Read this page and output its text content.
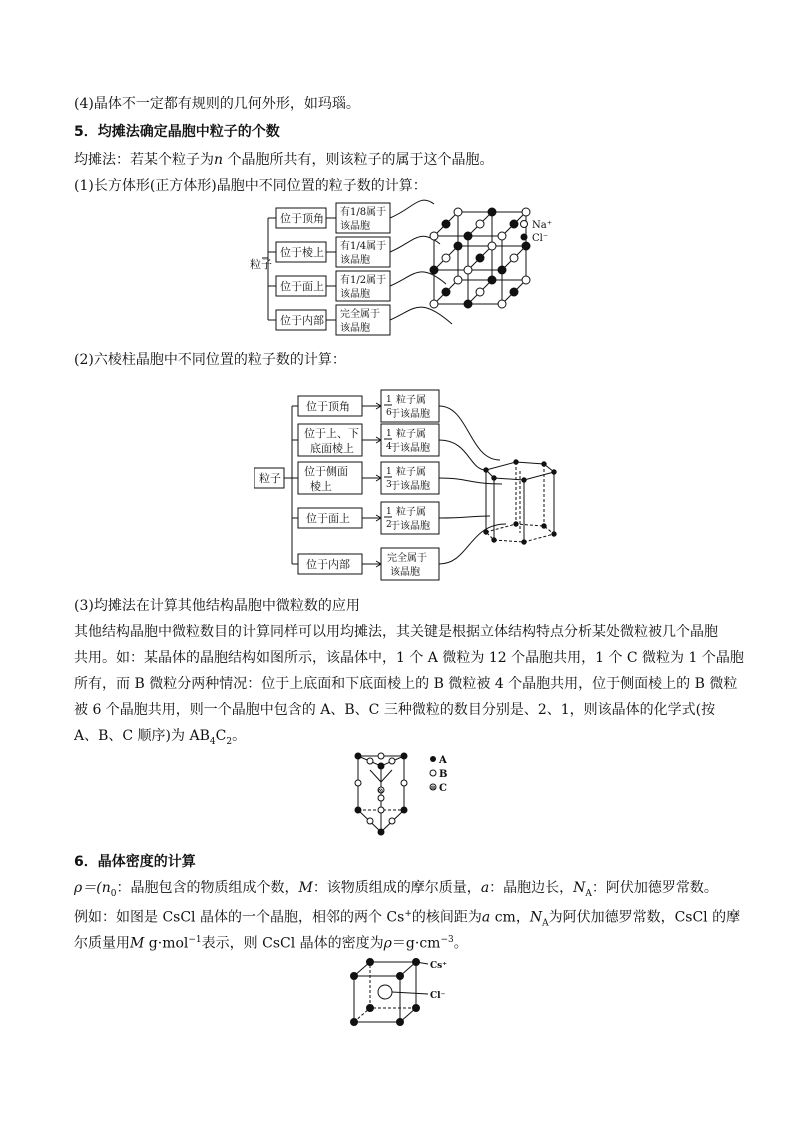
(4)晶体不一定都有规则的几何外形，如玛瑙。
5．均摊法确定晶胞中粒子的个数
均摊法：若某个粒子为n 个晶胞所共有，则该粒子的属于这个晶胞。
(1)长方体形(正方体形)晶胞中不同位置的粒子数的计算：
粒子
位于顶角 有1/8属于
该晶胞
位于棱上 有1/4属于
该晶胞
位于面上 有1/2属于
该晶胞
位于内部 完全属于
该晶胞
Na⁺
Cl⁻
(2)六棱柱晶胞中不同位置的粒子数的计算：
粒子
位于顶角	1
6
粒子属
于该晶胞
位于上、下
底面棱上
1
4
粒子属
于该晶胞
位于侧面
棱上
1
3
粒子属
于该晶胞
位于面上	1
2
粒子属
于该晶胞
位于内部	完全属于
该晶胞
(3)均摊法在计算其他结构晶胞中微粒数的应用
其他结构晶胞中微粒数目的计算同样可以用均摊法，其关键是根据立体结构特点分析某处微粒被几个晶胞
共用。如：某晶体的晶胞结构如图所示，该晶体中，1 个 A 微粒为 12 个晶胞共用，1 个 C 微粒为 1 个晶胞
所有，而 B 微粒分两种情况：位于上底面和下底面棱上的 B 微粒被 4 个晶胞共用，位于侧面棱上的 B 微粒
被 6 个晶胞共用，则一个晶胞中包含的 A、B、C 三种微粒的数目分别是、2、1，则该晶体的化学式(按
A、B、C 顺序)为 $AB_4C_2$。
⊗
A
B
⊗ C
6．晶体密度的计算
$\rho=(n_0$：晶胞包含的物质组成个数，M：该物质组成的摩尔质量，a：晶胞边长，$N_A$：阿伏加德罗常数。
例如：如图是 CsCl 晶体的一个晶胞，相邻的两个 Cs+的核间距为a cm，$N_A$为阿伏加德罗常数，CsCl 的摩
尔质量用M g·mol$^{-1}$表示，则 CsCl 晶体的密度为$\rho=g\cdot cm^{-3}$。
Cs⁺
Cl⁻
